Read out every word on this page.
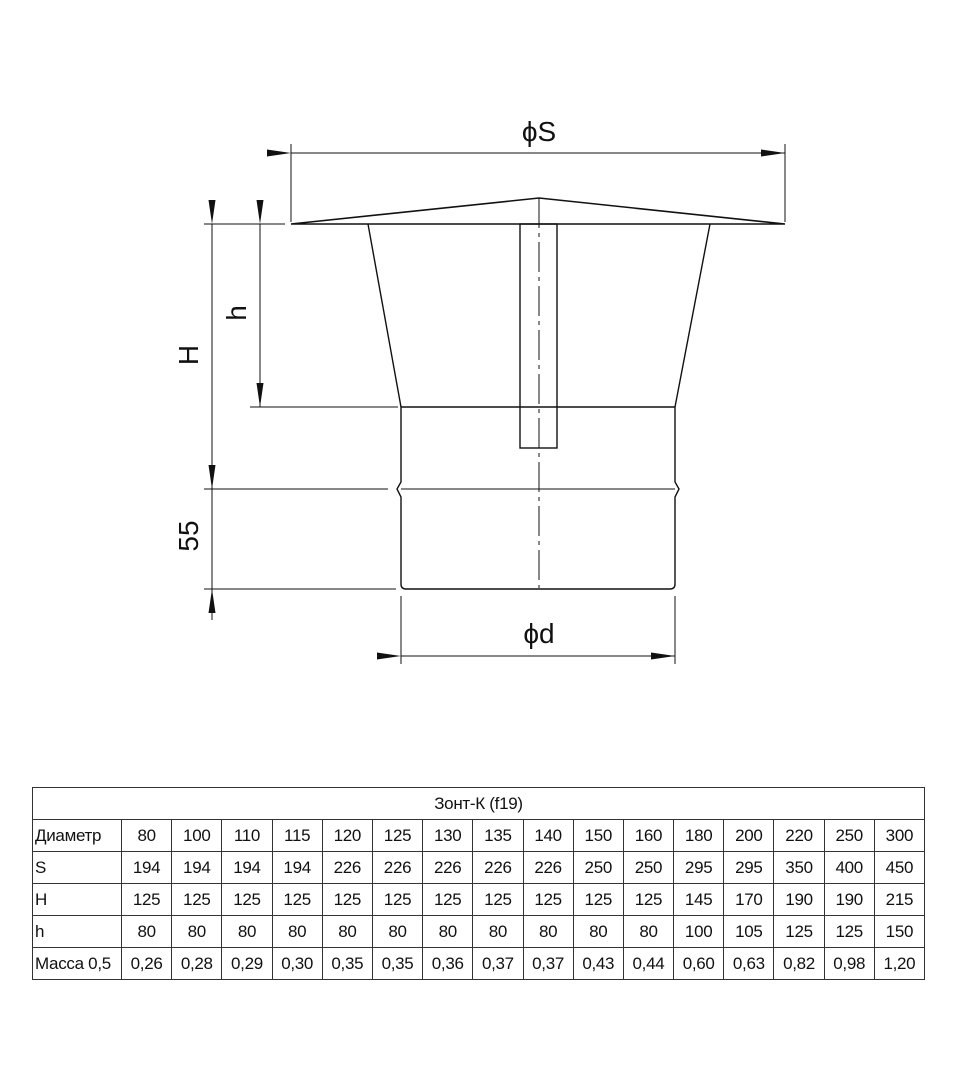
ϕS
ϕd
H
h
55
Зонт-К (f19)																
Диаметр	80	100	110	115	120	125	130	135	140	150	160	180	200	220	250	300
S	194	194	194	194	226	226	226	226	226	250	250	295	295	350	400	450
H	125	125	125	125	125	125	125	125	125	125	125	145	170	190	190	215
h	80	80	80	80	80	80	80	80	80	80	80	100	105	125	125	150
Масса 0,5	0,26	0,28	0,29	0,30	0,35	0,35	0,36	0,37	0,37	0,43	0,44	0,60	0,63	0,82	0,98	1,20
